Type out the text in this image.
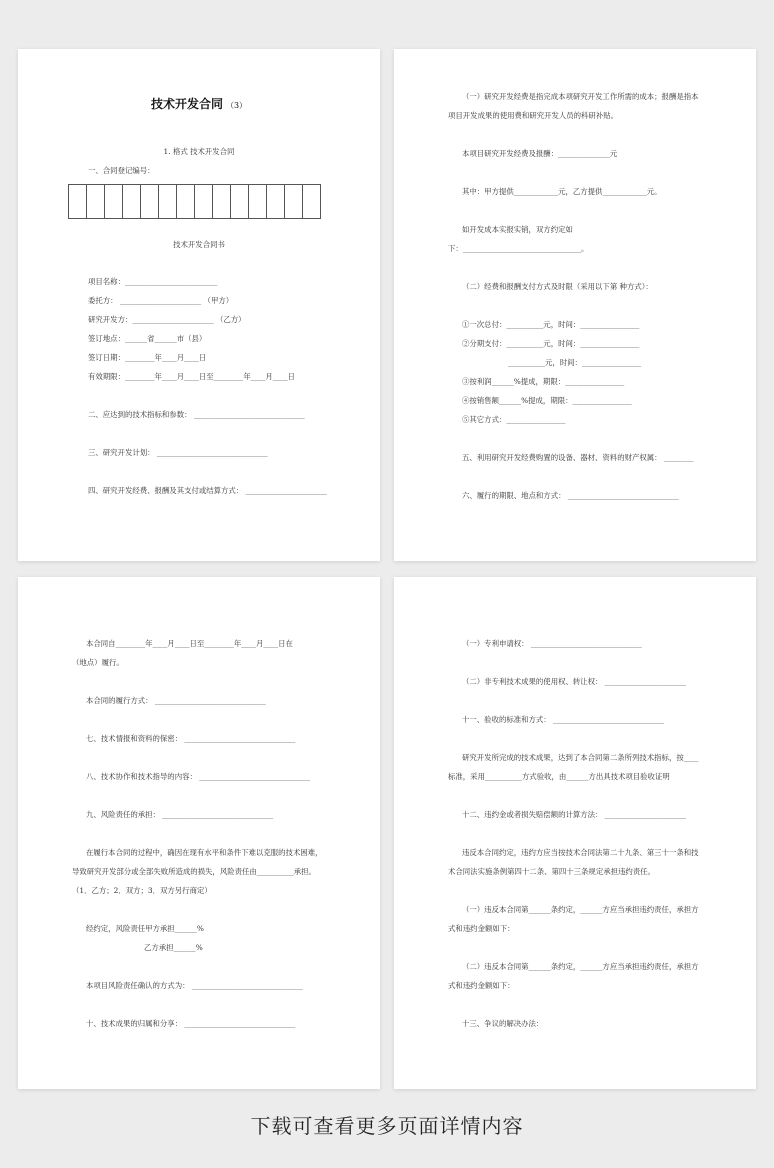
技术开发合同 （3）
1. 格式 技术开发合同
一、合同登记编号：
技术开发合同书
项目名称：_________________________
委托方： ______________________ （甲方）
研究开发方：______________________ （乙方）
签订地点：______省______市（县）
签订日期：________年____月____日
有效期限：________年____月____日至________年____月____日
二、应达到的技术指标和参数： ______________________________
三、研究开发计划： ______________________________
四、研究开发经费、报酬及其支付或结算方式： ______________________
（一）研究开发经费是指完成本项研究开发工作所需的成本；报酬是指本
项目开发成果的使用费和研究开发人员的科研补贴。
本项目研究开发经费及报酬：______________元
其中：甲方提供____________元，乙方提供____________元。
如开发成本实报实销，双方约定如
下：________________________________。
（二）经费和报酬支付方式及时限（采用以下第 种方式）：
①一次总付：__________元，时间：________________
②分期支付：__________元，时间：________________
__________元，时间：________________
③按利润______%提成，期限：________________
④按销售额______%提成，期限：________________
⑤其它方式：________________
五、利用研究开发经费购置的设备、器材、资料的财产权属： ________
六、履行的期限、地点和方式： ______________________________
本合同自________年____月____日至________年____月____日在
（地点）履行。
本合同的履行方式： ______________________________
七、技术情报和资料的保密： ______________________________
八、技术协作和技术指导的内容： ______________________________
九、风险责任的承担： ______________________________
在履行本合同的过程中，确因在现有水平和条件下难以克服的技术困难，
导致研究开发部分或全部失败所造成的损失，风险责任由__________承担。
（1．乙方；2．双方；3．双方另行商定）
经约定，风险责任甲方承担______%
乙方承担______%
本项目风险责任确认的方式为： ______________________________
十、技术成果的归属和分享： ______________________________
（一）专利申请权： ______________________________
（二）非专利技术成果的使用权、转让权： ______________________
十一、验收的标准和方式： ______________________________
研究开发所完成的技术成果，达到了本合同第二条所列技术指标，按____
标准，采用__________方式验收，由______方出具技术项目验收证明
十二、违约金或者损失赔偿额的计算方法： ______________________
违反本合同约定，违约方应当按技术合同法第二十九条、第三十一条和技
术合同法实施条例第四十二条、第四十三条规定承担违约责任。
（一）违反本合同第______条约定，______方应当承担违约责任，承担方
式和违约金额如下：
（二）违反本合同第______条约定，______方应当承担违约责任，承担方
式和违约金额如下：
十三、争议的解决办法：
下载可查看更多页面详情内容
